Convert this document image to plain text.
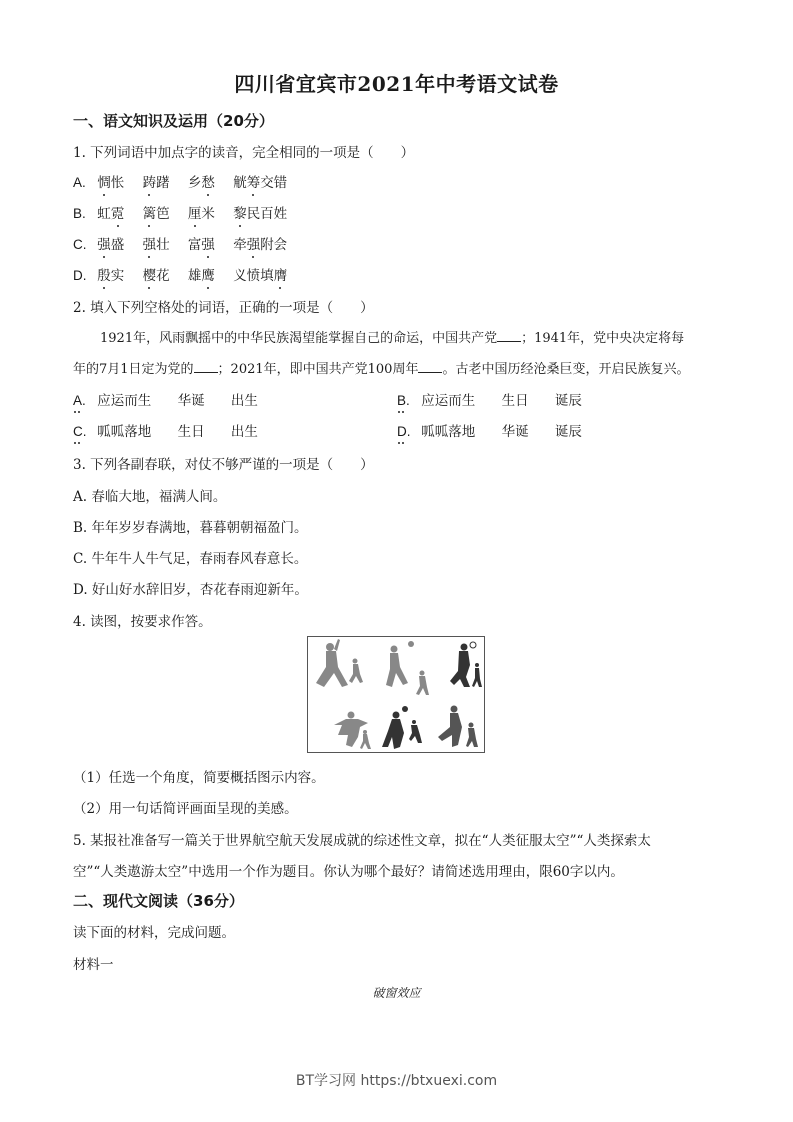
四川省宜宾市2021年中考语文试卷
一、语文知识及运用（20分）
1. 下列词语中加点字的读音，完全相同的一项是（　　）
A. 惆怅 踌躇 乡愁 觥筹交错
B. 虹霓 篱笆 厘米 黎民百姓
C. 强盛 强壮 富强 牵强附会
D. 殷实 樱花 雄鹰 义愤填膺
2. 填入下列空格处的词语，正确的一项是（　　）
1921年，风雨飘摇中的中华民族渴望能掌握自己的命运，中国共产党 ；1941年，党中央决定将每
年的7月1日定为党的 ；2021年，即中国共产党100周年 。古老中国历经沧桑巨变，开启民族复兴。
A. 应运而生 华诞 出生	B. 应运而生 生日 诞辰
C. 呱呱落地 生日 出生	D. 呱呱落地 华诞 诞辰
3. 下列各副春联，对仗不够严谨的一项是（　　）
A. 春临大地，福满人间。
B. 年年岁岁春满地，暮暮朝朝福盈门。
C. 牛年牛人牛气足，春雨春风春意长。
D. 好山好水辞旧岁，杏花春雨迎新年。
4. 读图，按要求作答。
（1）任选一个角度，简要概括图示内容。
（2）用一句话简评画面呈现的美感。
5. 某报社准备写一篇关于世界航空航天发展成就的综述性文章，拟在“人类征服太空”“人类探索太
空”“人类遨游太空”中选用一个作为题目。你认为哪个最好？请简述选用理由，限60字以内。
二、现代文阅读（36分）
读下面的材料，完成问题。
材料一
破窗效应
BT学习网 https://btxuexi.com
